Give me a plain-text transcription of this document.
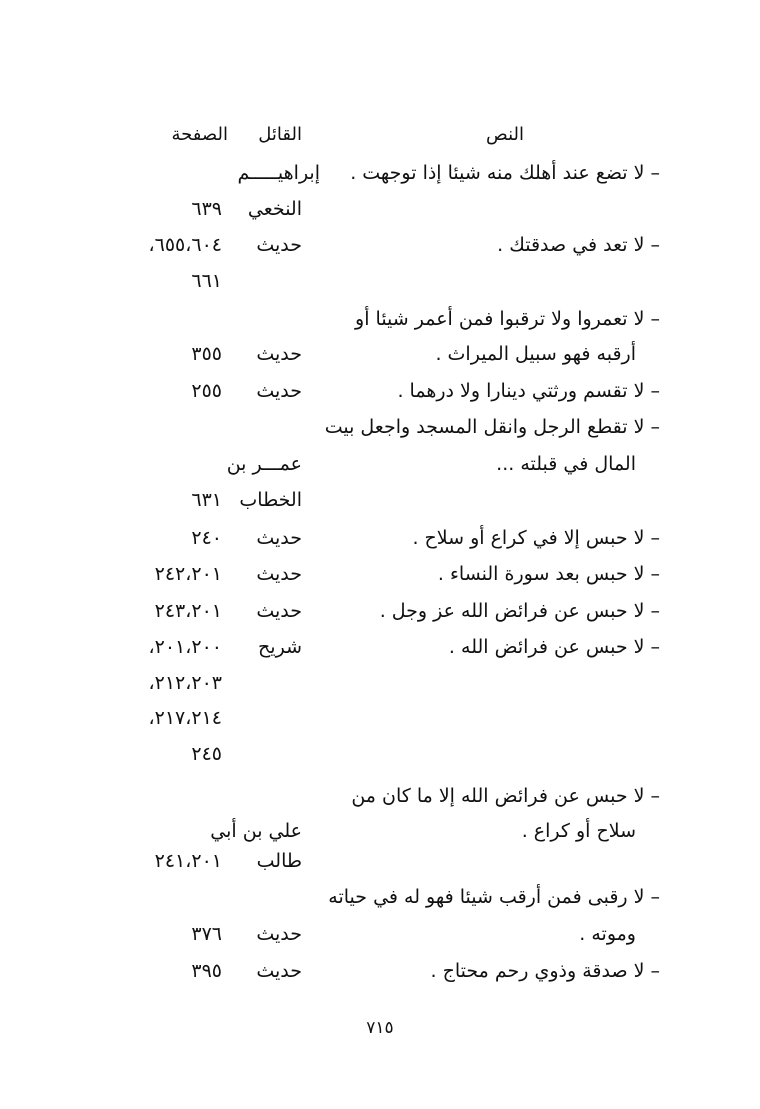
النص
القائل
الصفحة
– لا تضع عند أهلك منه شيئا إذا توجهت .
إبراهيـــــم
النخعي
٦٣٩
– لا تعد في صدقتك .
حديث
٦٥٥،٦٠٤،
٦٦١
– لا تعمروا ولا ترقبوا فمن أعمر شيئا أو
أرقبه فهو سبيل الميراث .
حديث
٣٥٥
– لا تقسم ورثتي دينارا ولا درهما .
حديث
٢٥٥
– لا تقطع الرجل وانقل المسجد واجعل بيت
المال في قبلته ...
عمـــر بن
الخطاب
٦٣١
– لا حبس إلا في كراع أو سلاح .
حديث
٢٤٠
– لا حبس بعد سورة النساء .
حديث
٢٤٢،٢٠١
– لا حبس عن فرائض الله عز وجل .
حديث
٢٤٣،٢٠١
– لا حبس عن فرائض الله .
شريح
٢٠١،٢٠٠،
٢١٢،٢٠٣،
٢١٧،٢١٤،
٢٤٥
– لا حبس عن فرائض الله إلا ما كان من
سلاح أو كراع .
علي بن أبي
طالب
٢٤١،٢٠١
– لا رقبى فمن أرقب شيئا فهو له في حياته
وموته .
حديث
٣٧٦
– لا صدقة وذوي رحم محتاج .
حديث
٣٩٥
٧١٥
